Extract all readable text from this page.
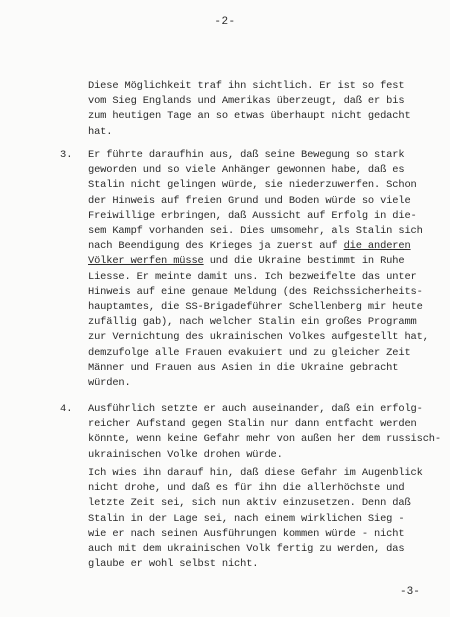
-2-
Diese Möglichkeit traf ihn sichtlich. Er ist so fest
vom Sieg Englands und Amerikas überzeugt, daß er bis
zum heutigen Tage an so etwas überhaupt nicht gedacht
hat.
3. Er führte daraufhin aus, daß seine Bewegung so stark
geworden und so viele Anhänger gewonnen habe, daß es
Stalin nicht gelingen würde, sie niederzuwerfen. Schon
der Hinweis auf freien Grund und Boden würde so viele
Freiwillige erbringen, daß Aussicht auf Erfolg in die-
sem Kampf vorhanden sei. Dies umsomehr, als Stalin sich
nach Beendigung des Krieges ja zuerst auf die anderen
Völker werfen müsse und die Ukraine bestimmt in Ruhe
Liesse. Er meinte damit uns. Ich bezweifelte das unter
Hinweis auf eine genaue Meldung (des Reichssicherheits-
hauptamtes, die SS-Brigadeführer Schellenberg mir heute
zufällig gab), nach welcher Stalin ein großes Programm
zur Vernichtung des ukrainischen Volkes aufgestellt hat,
demzufolge alle Frauen evakuiert und zu gleicher Zeit
Männer und Frauen aus Asien in die Ukraine gebracht
würden.
4. Ausführlich setzte er auch auseinander, daß ein erfolg-
reicher Aufstand gegen Stalin nur dann entfacht werden
könnte, wenn keine Gefahr mehr von außen her dem russisch-
ukrainischen Volke drohen würde.
Ich wies ihn darauf hin, daß diese Gefahr im Augenblick
nicht drohe, und daß es für ihn die allerhöchste und
letzte Zeit sei, sich nun aktiv einzusetzen. Denn daß
Stalin in der Lage sei, nach einem wirklichen Sieg -
wie er nach seinen Ausführungen kommen würde - nicht
auch mit dem ukrainischen Volk fertig zu werden, das
glaube er wohl selbst nicht.
-3-
